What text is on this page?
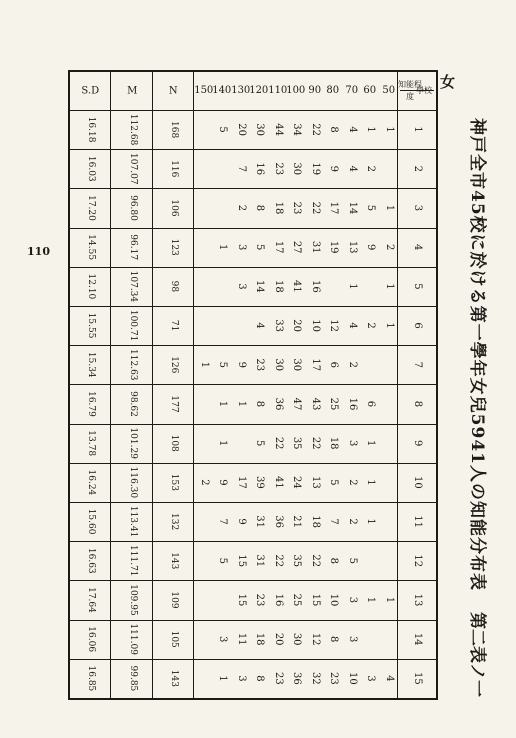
神戸全市45校に於ける第一學年女兒5941人の知能分布表
第二表ノ一
女
1
2
3
4
5
6
7
8
9
10
11
12
13
14
15
知能程度
50
1
1
2
1
1
1
4
60
1
2
5
9
2
6
1
1
1
1
3
70
4
4
14
13
1
4
2
16
3
2
2
5
3
3
10
80
8
9
17
19
12
6
25
18
5
7
8
10
8
23
90
22
19
22
31
16
10
17
43
22
13
18
22
15
12
32
100
34
30
23
27
41
20
30
47
35
24
21
35
25
30
36
110
44
23
18
17
18
33
30
36
22
41
36
22
16
20
23
120
30
16
8
5
14
4
23
8
5
39
31
31
23
18
8
130
20
7
2
3
3
9
1
17
9
15
15
11
3
140
5
1
5
1
1
9
7
5
3
1
150
1
2
N
168
116
106
123
98
71
126
177
108
153
132
143
109
105
143
M
112.68
107.07
96.80
96.17
107.34
100.71
112.63
98.62
101.29
116.30
113.41
111.71
109.95
111.09
99.85
S.D
16.18
16.03
17.20
14.55
12.10
15.55
15.34
16.79
13.78
16.24
15.60
16.63
17.64
16.06
16.85
110
